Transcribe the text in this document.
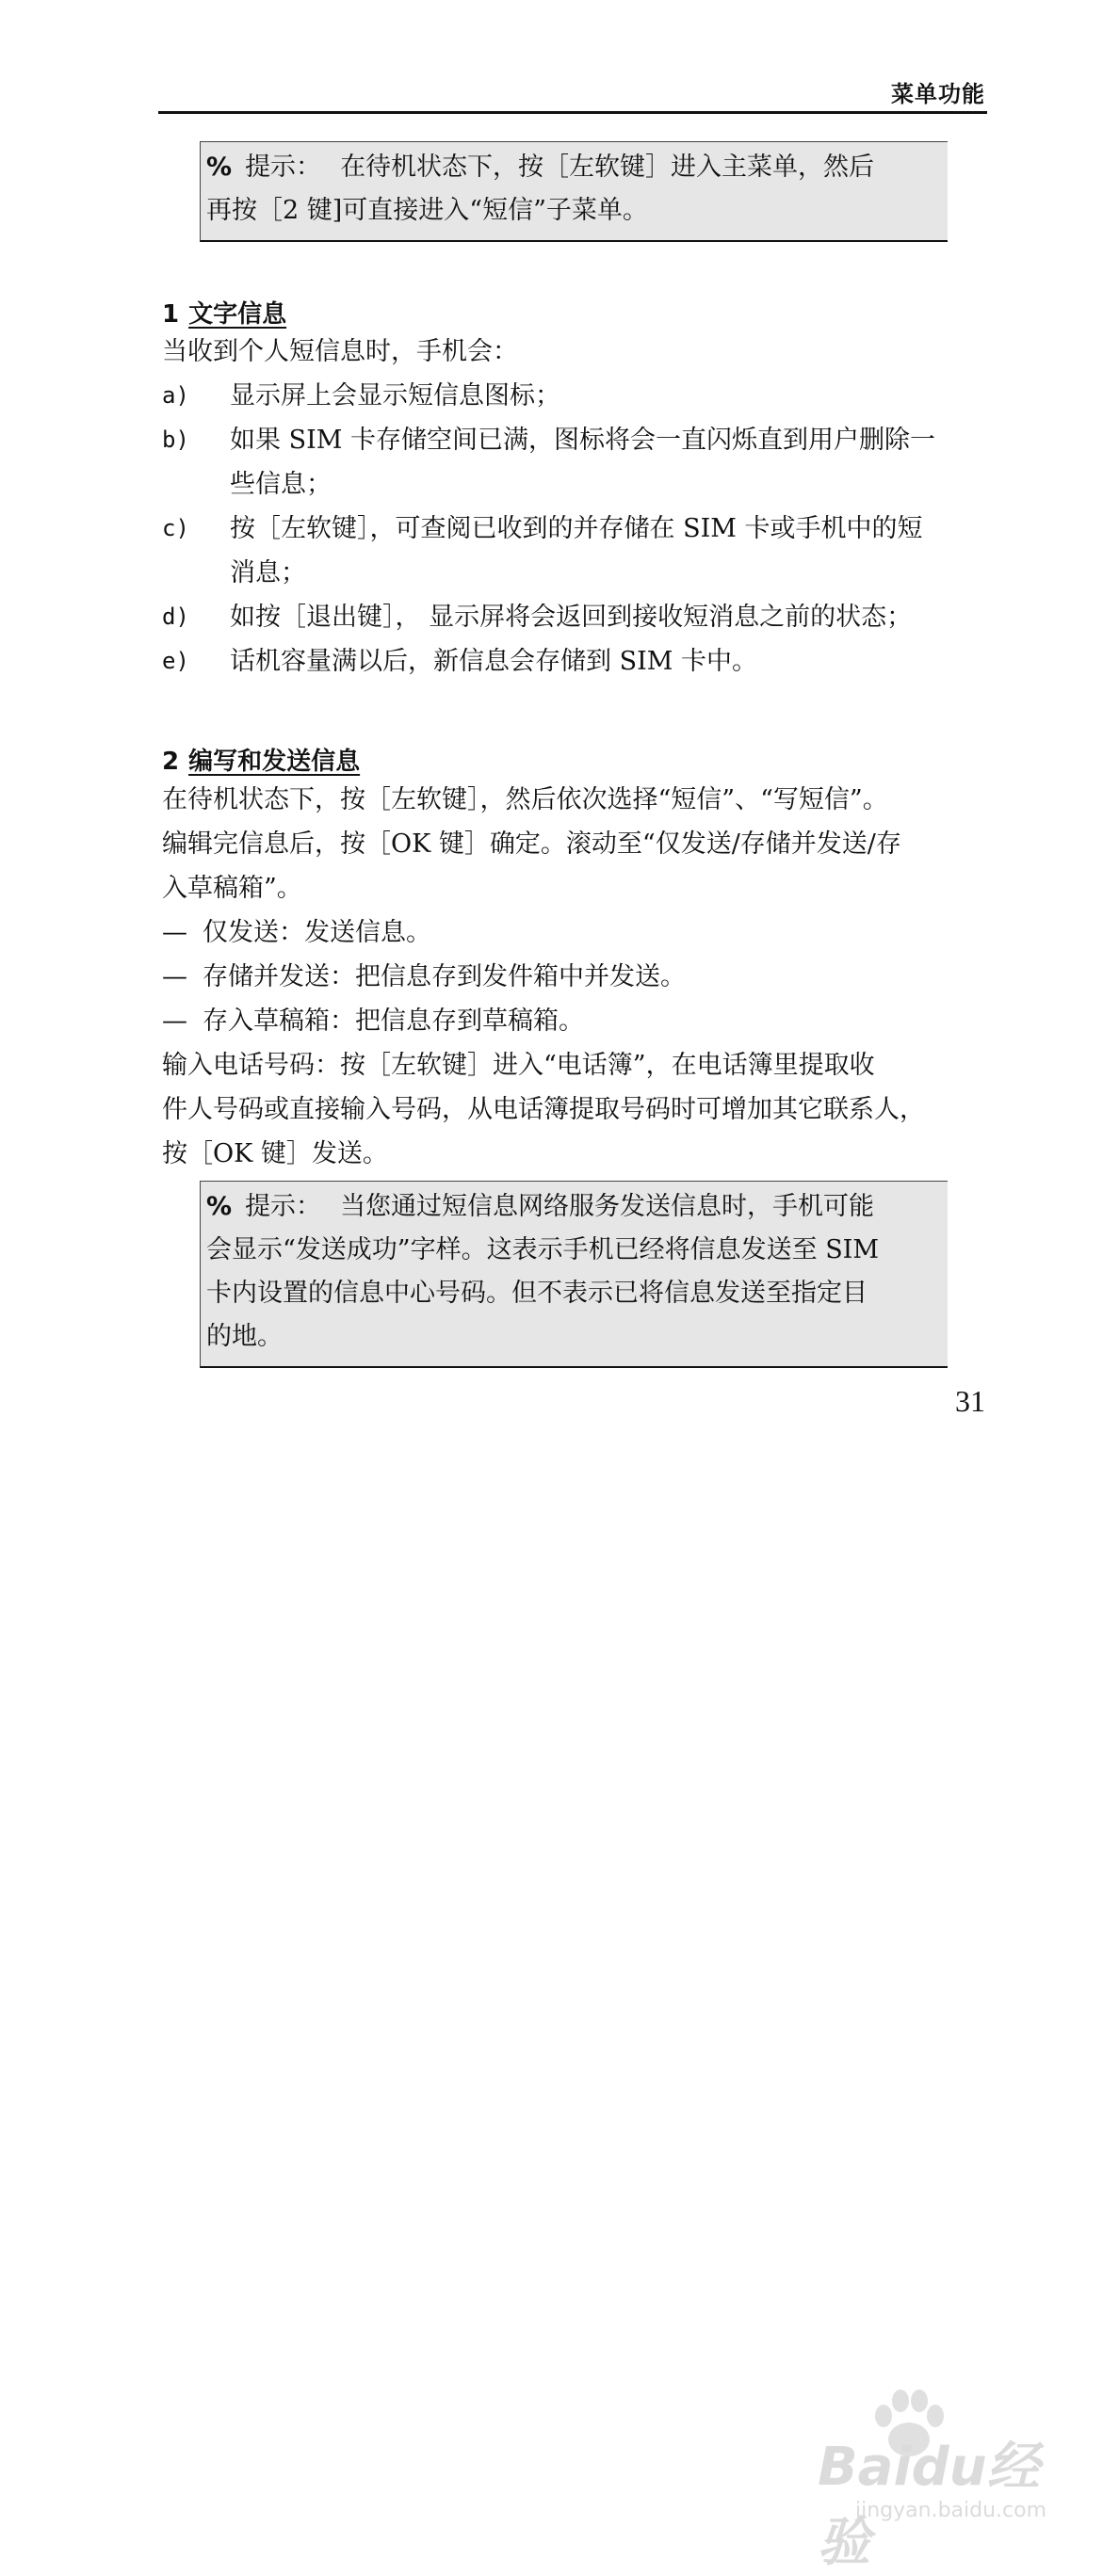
菜单功能
% 提示： 在待机状态下，按［左软键］进入主菜单，然后
再按［2 键]可直接进入“短信”子菜单。
1 文字信息
当收到个人短信息时，手机会：
a)	显示屏上会显示短信息图标；
b)	如果 SIM 卡存储空间已满，图标将会一直闪烁直到用户删除一
些信息；
c)	按［左软键］，可查阅已收到的并存储在 SIM 卡或手机中的短
消息；
d)	如按［退出键］， 显示屏将会返回到接收短消息之前的状态；
e)	话机容量满以后，新信息会存储到 SIM 卡中。
2 编写和发送信息
在待机状态下，按［左软键］，然后依次选择“短信”、“写短信”。
编辑完信息后，按［OK 键］确定。滚动至“仅发送/存储并发送/存
入草稿箱”。
— 仅发送：发送信息。
— 存储并发送：把信息存到发件箱中并发送。
— 存入草稿箱：把信息存到草稿箱。
输入电话号码：按［左软键］进入“电话簿”，在电话簿里提取收
件人号码或直接输入号码，从电话簿提取号码时可增加其它联系人，
按［OK 键］发送。
% 提示： 当您通过短信息网络服务发送信息时，手机可能
会显示“发送成功”字样。这表示手机已经将信息发送至 SIM
卡内设置的信息中心号码。但不表示已将信息发送至指定目
的地。
31
Baidu经验
jingyan.baidu.com
